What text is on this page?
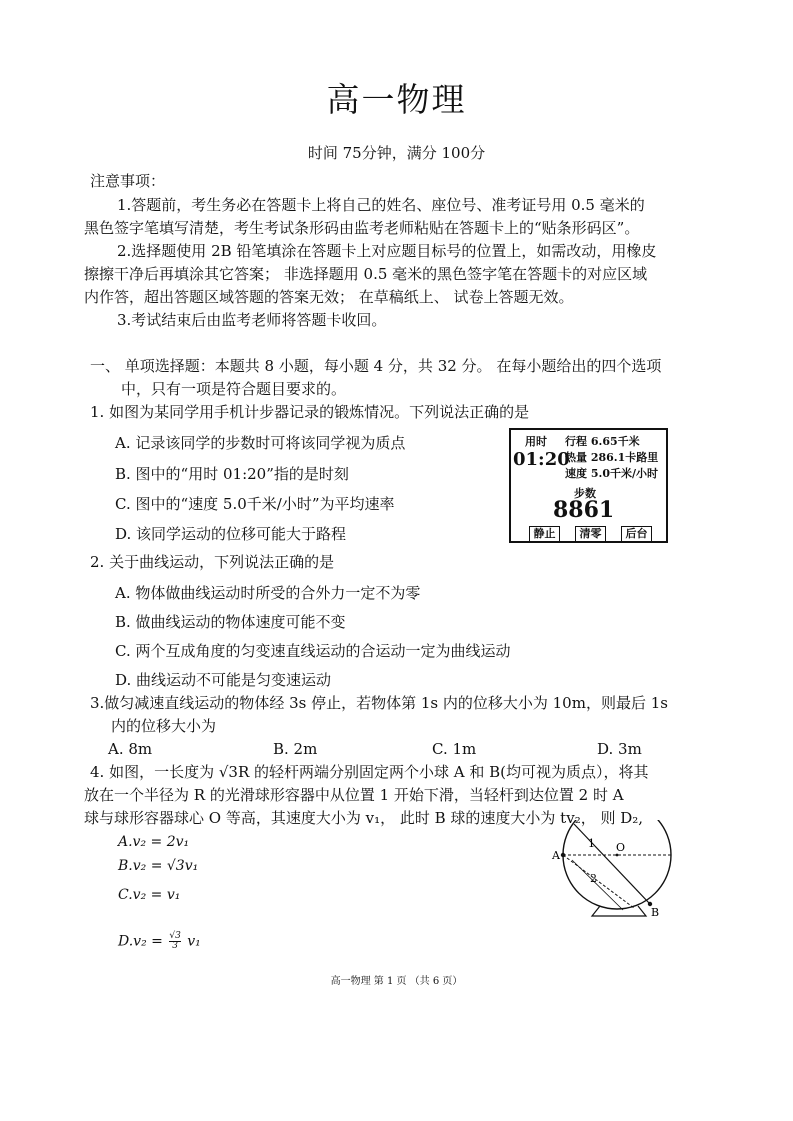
高一物理
时间 75分钟，满分 100分
注意事项：
1.答题前，考生务必在答题卡上将自己的姓名、座位号、准考证号用 0.5 毫米的
黑色签字笔填写清楚，考生考试条形码由监考老师粘贴在答题卡上的“贴条形码区”。
2.选择题使用 2B 铅笔填涂在答题卡上对应题目标号的位置上，如需改动，用橡皮
擦擦干净后再填涂其它答案； 非选择题用 0.5 毫米的黑色签字笔在答题卡的对应区域
内作答，超出答题区域答题的答案无效； 在草稿纸上、 试卷上答题无效。
3.考试结束后由监考老师将答题卡收回。
一、 单项选择题：本题共 8 小题，每小题 4 分，共 32 分。 在每小题给出的四个选项
中，只有一项是符合题目要求的。
1. 如图为某同学用手机计步器记录的锻炼情况。下列说法正确的是
A. 记录该同学的步数时可将该同学视为质点
B. 图中的“用时 01:20”指的是时刻
C. 图中的“速度 5.0千米/小时”为平均速率
D. 该同学运动的位移可能大于路程
用时
01:20
行程 6.65千米
热量 286.1卡路里
速度 5.0千米/小时
步数
8861
静止	清零	后台
2. 关于曲线运动，下列说法正确的是
A. 物体做曲线运动时所受的合外力一定不为零
B. 做曲线运动的物体速度可能不变
C. 两个互成角度的匀变速直线运动的合运动一定为曲线运动
D. 曲线运动不可能是匀变速运动
3.做匀减速直线运动的物体经 3s 停止，若物体第 1s 内的位移大小为 10m，则最后 1s
内的位移大小为
A. 8m	B. 2m	C. 1m	D. 3m
4. 如图，一长度为 √3R 的轻杆两端分别固定两个小球 A 和 B(均可视为质点），将其
放在一个半径为 R 的光滑球形容器中从位置 1 开始下滑，当轻杆到达位置 2 时 A
球与球形容器球心 O 等高，其速度大小为 v₁， 此时 B 球的速度大小为 tv₂， 则 D₂,
A.v₂ = 2v₁
B.v₂ = √3v₁
C.v₂ = v₁
$D.v_2 = \frac{√3}{3} v_1$
A
B
O
1
2
高一物理 第 1 页 （共 6 页）
